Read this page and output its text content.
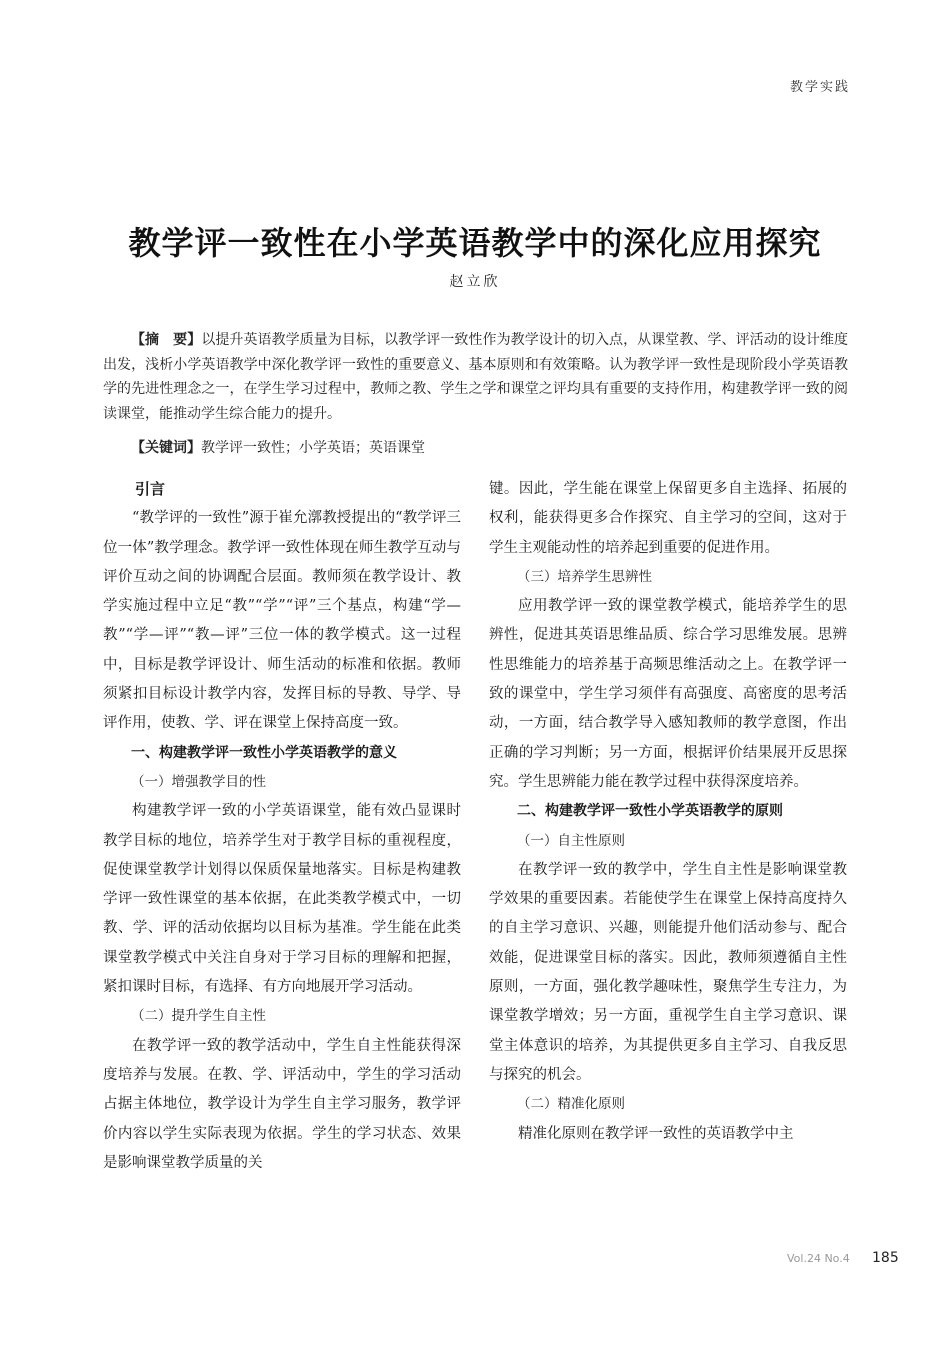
教学实践
教学评一致性在小学英语教学中的深化应用探究
赵立欣
【摘　要】以提升英语教学质量为目标，以教学评一致性作为教学设计的切入点，从课堂教、学、评活动的设计维度出发，浅析小学英语教学中深化教学评一致性的重要意义、基本原则和有效策略。认为教学评一致性是现阶段小学英语教学的先进性理念之一，在学生学习过程中，教师之教、学生之学和课堂之评均具有重要的支持作用，构建教学评一致的阅读课堂，能推动学生综合能力的提升。
【关键词】教学评一致性；小学英语；英语课堂
引言

“教学评的一致性”源于崔允漷教授提出的“教学评三位一体”教学理念。教学评一致性体现在师生教学互动与评价互动之间的协调配合层面。教师须在教学设计、教学实施过程中立足“教”“学”“评”三个基点，构建“学—教”“学—评”“教—评”三位一体的教学模式。这一过程中，目标是教学评设计、师生活动的标准和依据。教师须紧扣目标设计教学内容，发挥目标的导教、导学、导评作用，使教、学、评在课堂上保持高度一致。

一、构建教学评一致性小学英语教学的意义
（一）增强教学目的性

构建教学评一致的小学英语课堂，能有效凸显课时教学目标的地位，培养学生对于教学目标的重视程度，促使课堂教学计划得以保质保量地落实。目标是构建教学评一致性课堂的基本依据，在此类教学模式中，一切教、学、评的活动依据均以目标为基准。学生能在此类课堂教学模式中关注自身对于学习目标的理解和把握，紧扣课时目标，有选择、有方向地展开学习活动。

（二）提升学生自主性

在教学评一致的教学活动中，学生自主性能获得深度培养与发展。在教、学、评活动中，学生的学习活动占据主体地位，教学设计为学生自主学习服务，教学评价内容以学生实际表现为依据。学生的学习状态、效果是影响课堂教学质量的关

键。因此，学生能在课堂上保留更多自主选择、拓展的权利，能获得更多合作探究、自主学习的空间，这对于学生主观能动性的培养起到重要的促进作用。

（三）培养学生思辨性

应用教学评一致的课堂教学模式，能培养学生的思辨性，促进其英语思维品质、综合学习思维发展。思辨性思维能力的培养基于高频思维活动之上。在教学评一致的课堂中，学生学习须伴有高强度、高密度的思考活动，一方面，结合教学导入感知教师的教学意图，作出正确的学习判断；另一方面，根据评价结果展开反思探究。学生思辨能力能在教学过程中获得深度培养。

二、构建教学评一致性小学英语教学的原则
（一）自主性原则

在教学评一致的教学中，学生自主性是影响课堂教学效果的重要因素。若能使学生在课堂上保持高度持久的自主学习意识、兴趣，则能提升他们活动参与、配合效能，促进课堂目标的落实。因此，教师须遵循自主性原则，一方面，强化教学趣味性，聚焦学生专注力，为课堂教学增效；另一方面，重视学生自主学习意识、课堂主体意识的培养，为其提供更多自主学习、自我反思与探究的机会。

（二）精准化原则

精准化原则在教学评一致性的英语教学中主

Vol.24 No.4 185
